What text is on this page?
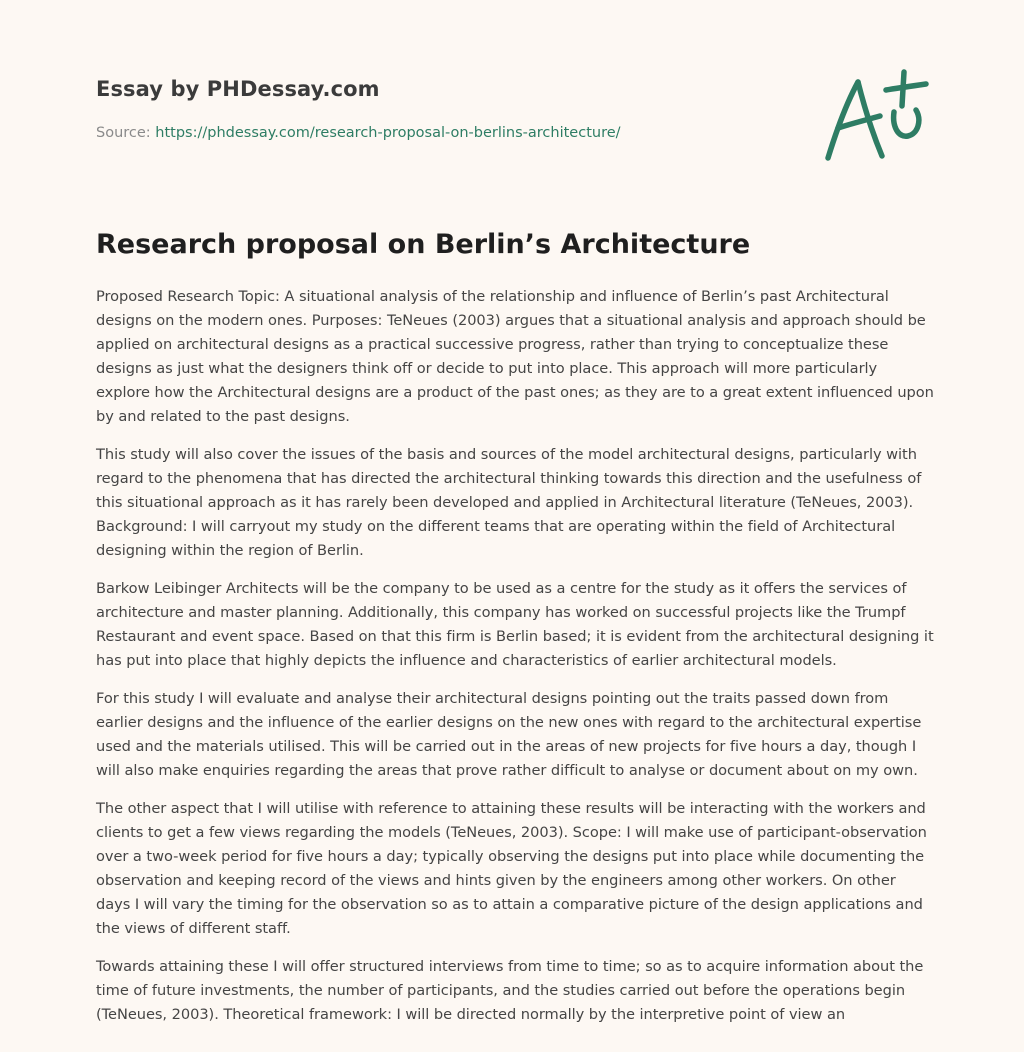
Essay by PHDessay.com
Source: https://phdessay.com/research-proposal-on-berlins-architecture/
Research proposal on Berlin’s Architecture

Proposed Research Topic: A situational analysis of the relationship and influence of Berlin’s past Architectural designs on the modern ones. Purposes: TeNeues (2003) argues that a situational analysis and approach should be applied on architectural designs as a practical successive progress, rather than trying to conceptualize these designs as just what the designers think off or decide to put into place. This approach will more particularly explore how the Architectural designs are a product of the past ones; as they are to a great extent influenced upon by and related to the past designs.

This study will also cover the issues of the basis and sources of the model architectural designs, particularly with regard to the phenomena that has directed the architectural thinking towards this direction and the usefulness of this situational approach as it has rarely been developed and applied in Architectural literature (TeNeues, 2003). Background: I will carryout my study on the different teams that are operating within the field of Architectural designing within the region of Berlin.

Barkow Leibinger Architects will be the company to be used as a centre for the study as it offers the services of architecture and master planning. Additionally, this company has worked on successful projects like the Trumpf Restaurant and event space. Based on that this firm is Berlin based; it is evident from the architectural designing it has put into place that highly depicts the influence and characteristics of earlier architectural models.

For this study I will evaluate and analyse their architectural designs pointing out the traits passed down from earlier designs and the influence of the earlier designs on the new ones with regard to the architectural expertise used and the materials utilised. This will be carried out in the areas of new projects for five hours a day, though I will also make enquiries regarding the areas that prove rather difficult to analyse or document about on my own.

The other aspect that I will utilise with reference to attaining these results will be interacting with the workers and clients to get a few views regarding the models (TeNeues, 2003). Scope: I will make use of participant-observation over a two-week period for five hours a day; typically observing the designs put into place while documenting the observation and keeping record of the views and hints given by the engineers among other workers. On other days I will vary the timing for the observation so as to attain a comparative picture of the design applications and the views of different staff.

Towards attaining these I will offer structured interviews from time to time; so as to acquire information about the time of future investments, the number of participants, and the studies carried out before the operations begin (TeNeues, 2003). Theoretical framework: I will be directed normally by the interpretive point of view an
